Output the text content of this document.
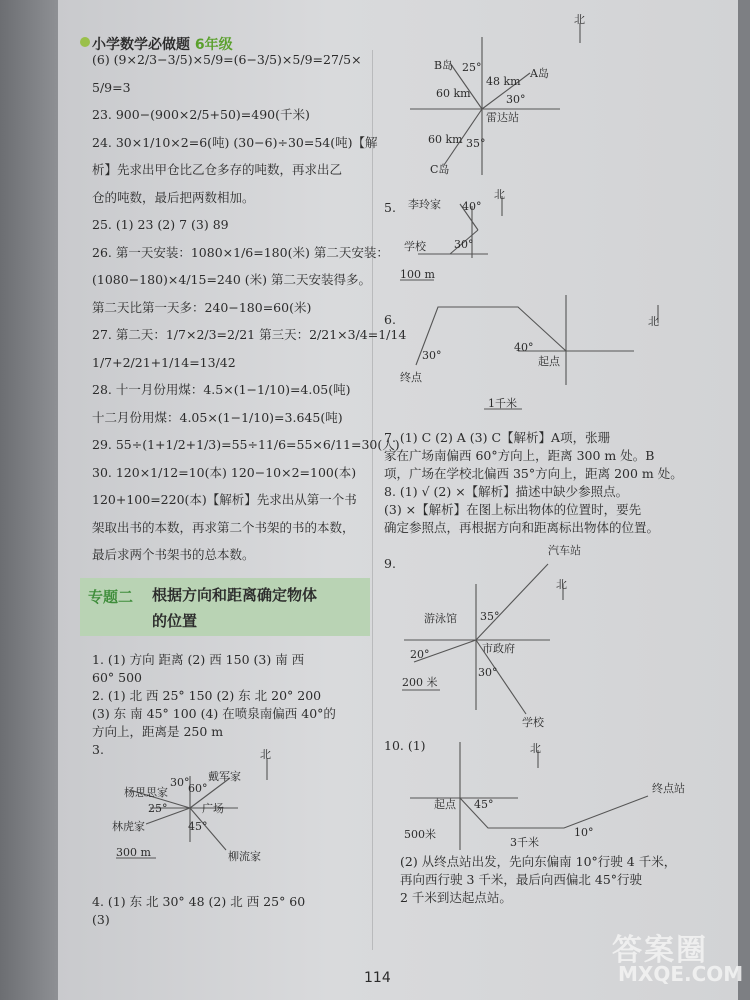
小学数学必做题 6年级
(6) (9×2/3−3/5)×5/9=(6−3/5)×5/9=27/5×
5/9=3
23. 900−(900×2/5+50)=490(千米)
24. 30×1/10×2=6(吨) (30−6)÷30=54(吨)【解
析】先求出甲仓比乙仓多存的吨数，再求出乙
仓的吨数，最后把两数相加。
25. (1) 23 (2) 7 (3) 89
26. 第一天安装：1080×1/6=180(米) 第二天安装：
(1080−180)×4/15=240 (米) 第二天安装得多。
第二天比第一天多：240−180=60(米)
27. 第二天：1/7×2/3=2/21 第三天：2/21×3/4=1/14
1/7+2/21+1/14=13/42
28. 十一月份用煤：4.5×(1−1/10)=4.05(吨)
十二月份用煤：4.05×(1−1/10)=3.645(吨)
29. 55÷(1+1/2+1/3)=55÷11/6=55×6/11=30(人)
30. 120×1/12=10(本) 120−10×2=100(本)
120+100=220(本)【解析】先求出从第一个书
架取出书的本数，再求第二个书架的书的本数，
最后求两个书架书的总本数。
1. (1) 方向 距离 (2) 西 150 (3) 南 西
60° 500
2. (1) 北 西 25° 150 (2) 东 北 20° 200
(3) 东 南 45° 100 (4) 在喷泉南偏西 40°的
方向上，距离是 250 m
3.
专题二 根据方向和距离确定物体
的位置
北
杨思思家
戴军家
林虎家
柳流家
广场
30°
60°
25°
45°
300 m
4. (1) 东 北 30° 48 (2) 北 西 25° 60
(3)
北
B岛
A岛
C岛
雷达站
48 km
60 km
60 km
25°
30°
35°
5.
北
李玲家 40°
30°
学校
100 m
6.	北
40°
30°	起点
终点
1千米
7. (1) C (2) A (3) C【解析】A项，张珊
家在广场南偏西 60°方向上，距离 300 m 处。B
项，广场在学校北偏西 35°方向上，距离 200 m 处。
8. (1) √ (2) ×【解析】描述中缺少参照点。
(3) ×【解析】在图上标出物体的位置时，要先
确定参照点，再根据方向和距离标出物体的位置。
9.
汽车站
北
游泳馆 35°
20°	市政府
30°
学校
200 米
10. (1)	北
起点 45°
终点站
10°
500米
3千米
(2) 从终点站出发，先向东偏南 10°行驶 4 千米，
再向西行驶 3 千米，最后向西偏北 45°行驶
2 千米到达起点站。
114
答案圈
MXQE.COM
